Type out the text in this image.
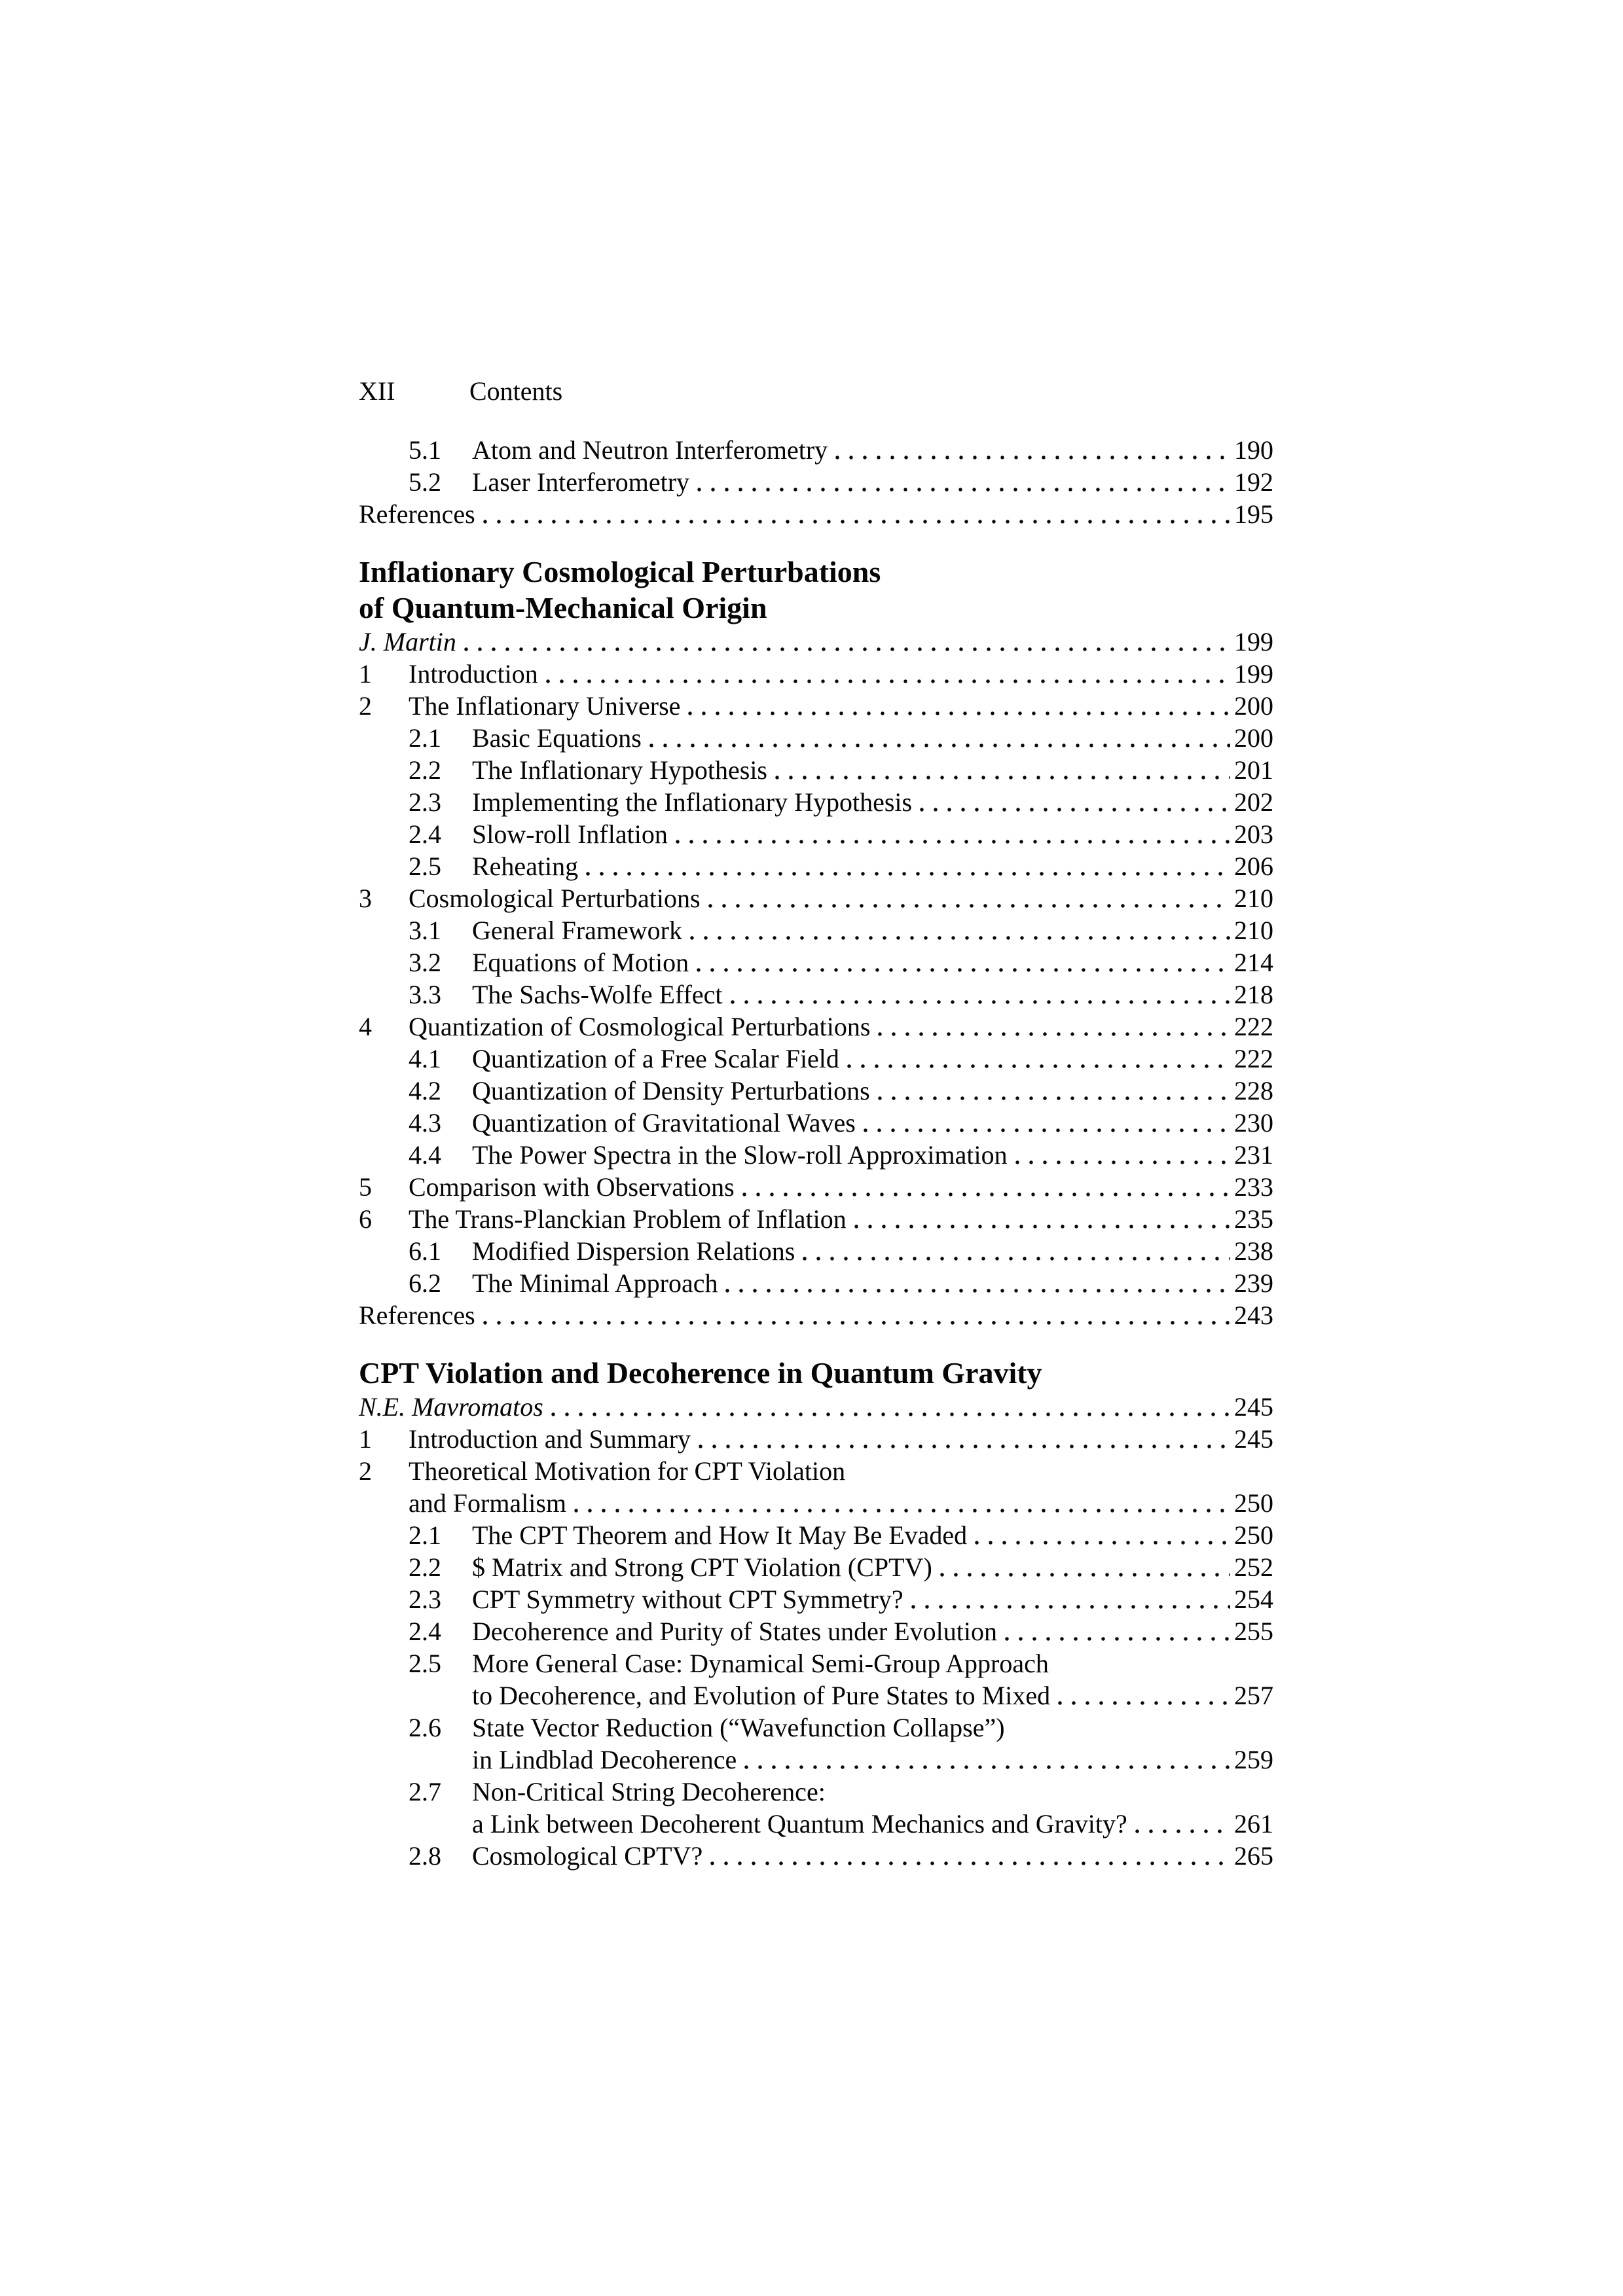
XII	Contents
5.1	Atom and Neutron Interferometry	190
5.2	Laser Interferometry	192
References	195
Inflationary Cosmological Perturbations
of Quantum-Mechanical Origin
J. Martin	199
1	Introduction	199
2	The Inflationary Universe	200
2.1	Basic Equations	200
2.2	The Inflationary Hypothesis	201
2.3	Implementing the Inflationary Hypothesis	202
2.4	Slow-roll Inflation	203
2.5	Reheating	206
3	Cosmological Perturbations	210
3.1	General Framework	210
3.2	Equations of Motion	214
3.3	The Sachs-Wolfe Effect	218
4	Quantization of Cosmological Perturbations	222
4.1	Quantization of a Free Scalar Field	222
4.2	Quantization of Density Perturbations	228
4.3	Quantization of Gravitational Waves	230
4.4	The Power Spectra in the Slow-roll Approximation	231
5	Comparison with Observations	233
6	The Trans-Planckian Problem of Inflation	235
6.1	Modified Dispersion Relations	238
6.2	The Minimal Approach	239
References	243
CPT Violation and Decoherence in Quantum Gravity
N.E. Mavromatos	245
1	Introduction and Summary	245
2	Theoretical Motivation for CPT Violation
and Formalism	250
2.1	The CPT Theorem and How It May Be Evaded	250
2.2	$ Matrix and Strong CPT Violation (CPTV)	252
2.3	CPT Symmetry without CPT Symmetry?	254
2.4	Decoherence and Purity of States under Evolution	255
2.5	More General Case: Dynamical Semi-Group Approach
to Decoherence, and Evolution of Pure States to Mixed	257
2.6	State Vector Reduction (“Wavefunction Collapse”)
in Lindblad Decoherence	259
2.7	Non-Critical String Decoherence:
a Link between Decoherent Quantum Mechanics and Gravity?	261
2.8	Cosmological CPTV?	265
